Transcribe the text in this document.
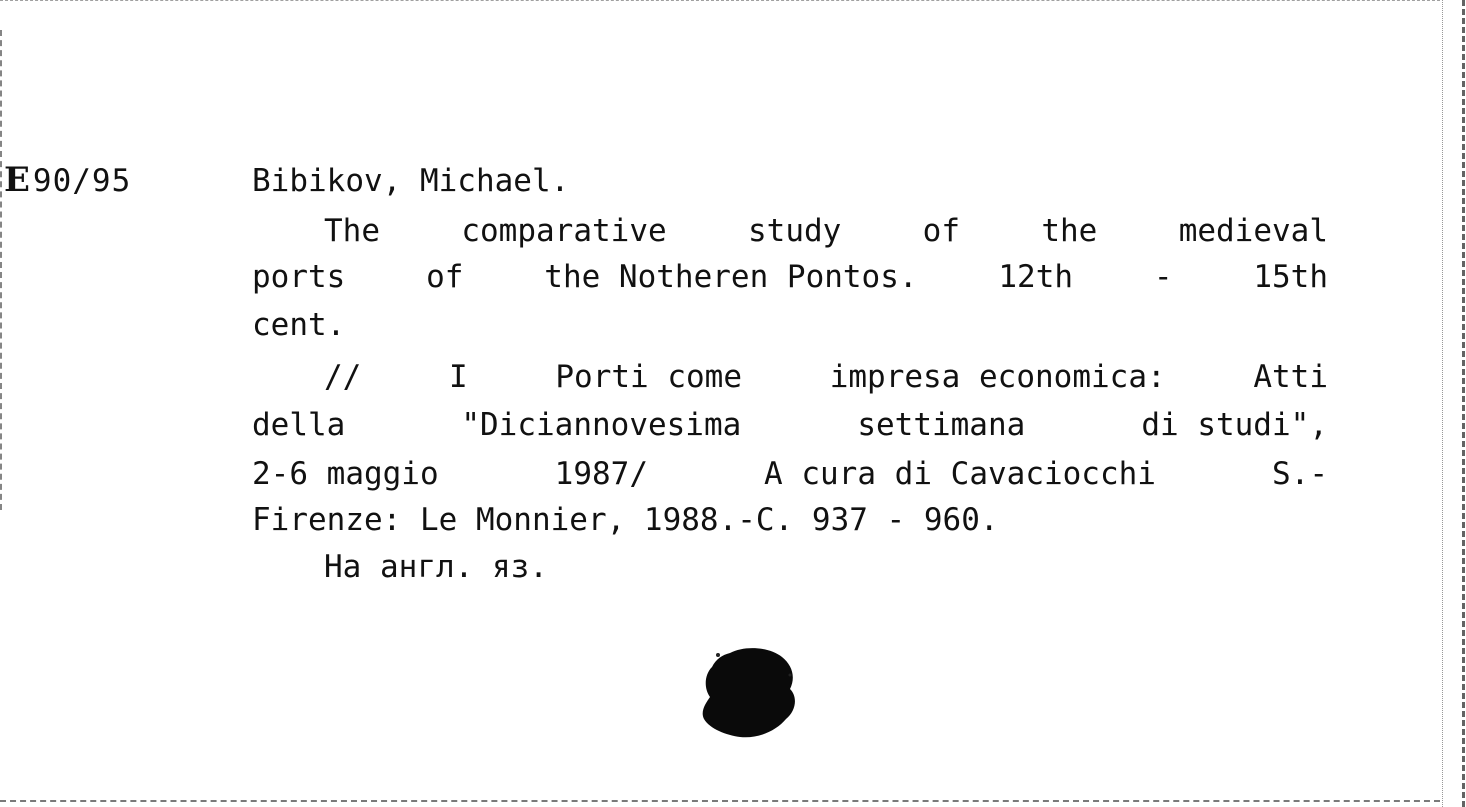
E90/95	Bibikov, Michael.
The	comparative	study	of	the	medieval
ports	of	the Notheren Pontos.	12th	-	15th
cent.
//	I	Porti come	impresa economica:	Atti
della	"Diciannovesima	settimana	di studi",
2-6 maggio	1987/	A cura di Cavaciocchi	S.-
Firenze: Le Monnier, 1988.-C. 937 - 960.
На англ. яз.
